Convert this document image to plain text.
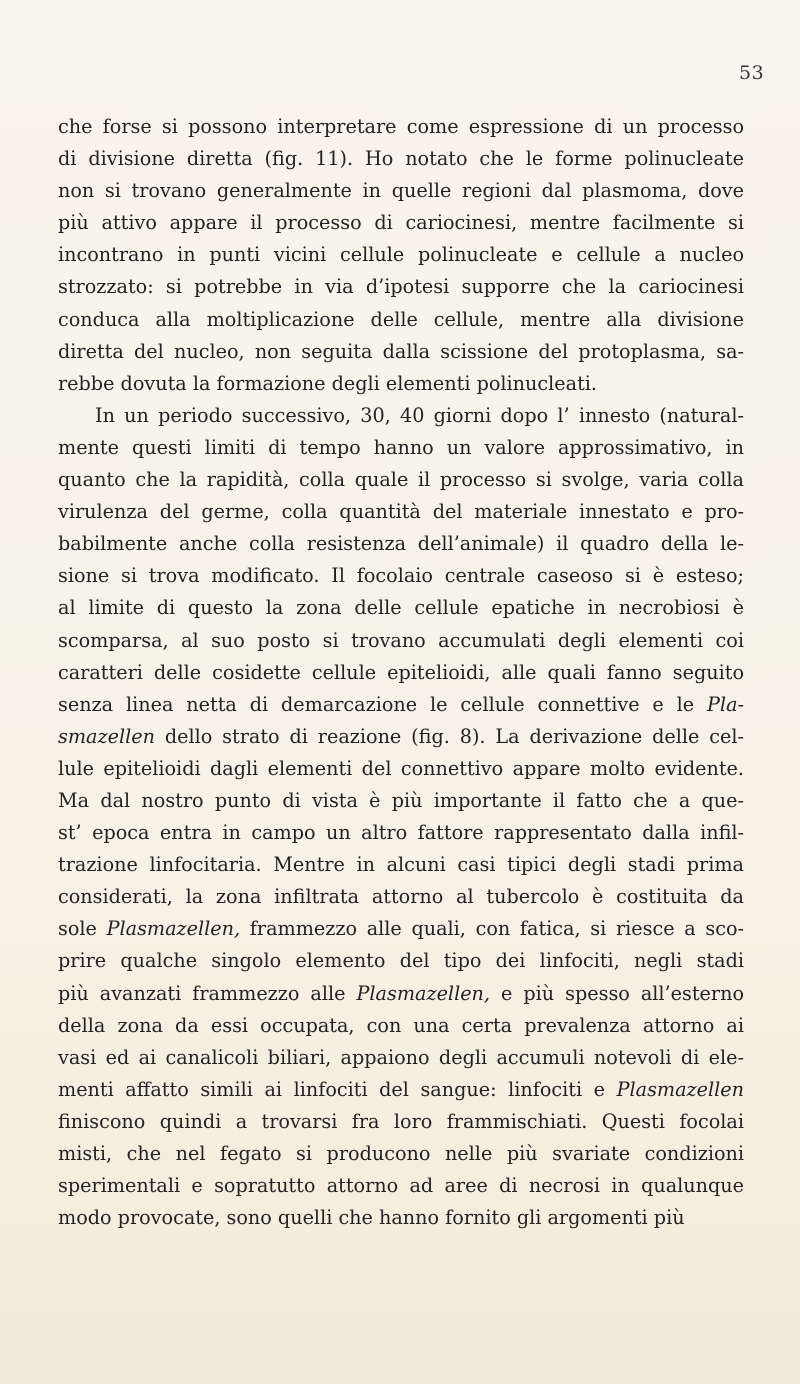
53
che forse si possono interpretare come espressione di un processo
di divisione diretta (fig. 11). Ho notato che le forme polinucleate
non si trovano generalmente in quelle regioni dal plasmoma, dove
più attivo appare il processo di cariocinesi, mentre facilmente si
incontrano in punti vicini cellule polinucleate e cellule a nucleo
strozzato: si potrebbe in via d’ipotesi supporre che la cariocinesi
conduca alla moltiplicazione delle cellule, mentre alla divisione
diretta del nucleo, non seguita dalla scissione del protoplasma, sa-
rebbe dovuta la formazione degli elementi polinucleati.
In un periodo successivo, 30, 40 giorni dopo l’ innesto (natural-
mente questi limiti di tempo hanno un valore approssimativo, in
quanto che la rapidità, colla quale il processo si svolge, varia colla
virulenza del germe, colla quantità del materiale innestato e pro-
babilmente anche colla resistenza dell’animale) il quadro della le-
sione si trova modificato. Il focolaio centrale caseoso si è esteso;
al limite di questo la zona delle cellule epatiche in necrobiosi è
scomparsa, al suo posto si trovano accumulati degli elementi coi
caratteri delle cosidette cellule epitelioidi, alle quali fanno seguito
senza linea netta di demarcazione le cellule connettive e le Pla-
smazellen dello strato di reazione (fig. 8). La derivazione delle cel-
lule epitelioidi dagli elementi del connettivo appare molto evidente.
Ma dal nostro punto di vista è più importante il fatto che a que-
st’ epoca entra in campo un altro fattore rappresentato dalla infil-
trazione linfocitaria. Mentre in alcuni casi tipici degli stadi prima
considerati, la zona infiltrata attorno al tubercolo è costituita da
sole Plasmazellen, frammezzo alle quali, con fatica, si riesce a sco-
prire qualche singolo elemento del tipo dei linfociti, negli stadi
più avanzati frammezzo alle Plasmazellen, e più spesso all’esterno
della zona da essi occupata, con una certa prevalenza attorno ai
vasi ed ai canalicoli biliari, appaiono degli accumuli notevoli di ele-
menti affatto simili ai linfociti del sangue: linfociti e Plasmazellen
finiscono quindi a trovarsi fra loro frammischiati. Questi focolai
misti, che nel fegato si producono nelle più svariate condizioni
sperimentali e sopratutto attorno ad aree di necrosi in qualunque
modo provocate, sono quelli che hanno fornito gli argomenti più
